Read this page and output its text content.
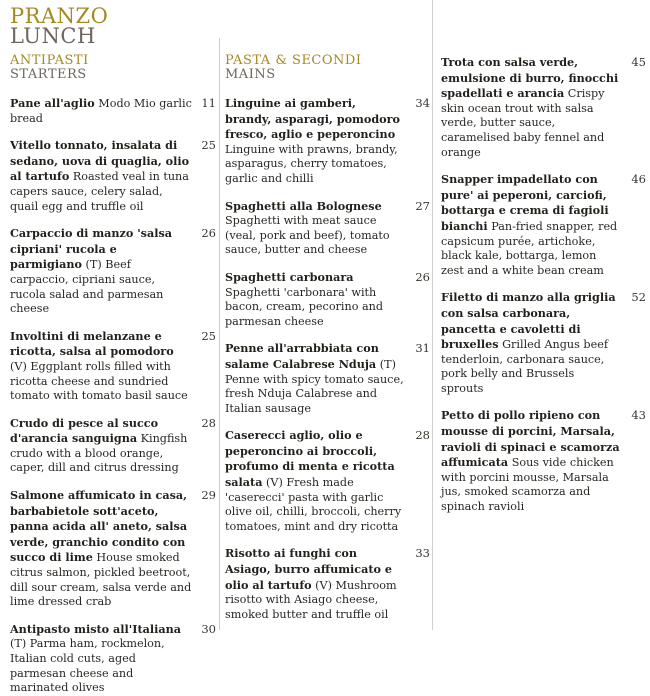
PRANZO
LUNCH
ANTIPASTI
STARTERS

Pane all'aglio Modo Mio garlic bread

11

Vitello tonnato, insalata di sedano, uova di quaglia, olio al tartufo Roasted veal in tuna capers sauce, celery salad, quail egg and truffle oil

25

Carpaccio di manzo 'salsa cipriani' rucola e parmigiano (T) Beef carpaccio, cipriani sauce, rucola salad and parmesan cheese

26

Involtini di melanzane e ricotta, salsa al pomodoro (V) Eggplant rolls filled with ricotta cheese and sundried tomato with tomato basil sauce

25

Crudo di pesce al succo d'arancia sanguigna Kingfish crudo with a blood orange, caper, dill and citrus dressing

28

Salmone affumicato in casa, barbabietole sott'aceto, panna acida all' aneto, salsa verde, granchio condito con succo di lime House smoked citrus salmon, pickled beetroot, dill sour cream, salsa verde and lime dressed crab

29

Antipasto misto all'Italiana (T) Parma ham, rockmelon, Italian cold cuts, aged parmesan cheese and marinated olives

30
PASTA & SECONDI
MAINS

Linguine ai gamberi, brandy, asparagi, pomodoro fresco, aglio e peperoncino Linguine with prawns, brandy, asparagus, cherry tomatoes, garlic and chilli

34

Spaghetti alla Bolognese Spaghetti with meat sauce (veal, pork and beef), tomato sauce, butter and cheese

27

Spaghetti carbonara Spaghetti 'carbonara' with bacon, cream, pecorino and parmesan cheese

26

Penne all'arrabbiata con salame Calabrese Nduja (T) Penne with spicy tomato sauce, fresh Nduja Calabrese and Italian sausage

31

Caserecci aglio, olio e peperoncino ai broccoli, profumo di menta e ricotta salata (V) Fresh made 'caserecci' pasta with garlic olive oil, chilli, broccoli, cherry tomatoes, mint and dry ricotta

28

Risotto ai funghi con Asiago, burro affumicato e olio al tartufo (V) Mushroom risotto with Asiago cheese, smoked butter and truffle oil

33

Trota con salsa verde, emulsione di burro, finocchi spadellati e arancia Crispy skin ocean trout with salsa verde, butter sauce, caramelised baby fennel and orange

45

Snapper impadellato con pure' ai peperoni, carciofi, bottarga e crema di fagioli bianchi Pan-fried snapper, red capsicum purée, artichoke, black kale, bottarga, lemon zest and a white bean cream

46

Filetto di manzo alla griglia con salsa carbonara, pancetta e cavoletti di bruxelles Grilled Angus beef tenderloin, carbonara sauce, pork belly and Brussels sprouts

52

Petto di pollo ripieno con mousse di porcini, Marsala, ravioli di spinaci e scamorza affumicata Sous vide chicken with porcini mousse, Marsala jus, smoked scamorza and spinach ravioli

43
